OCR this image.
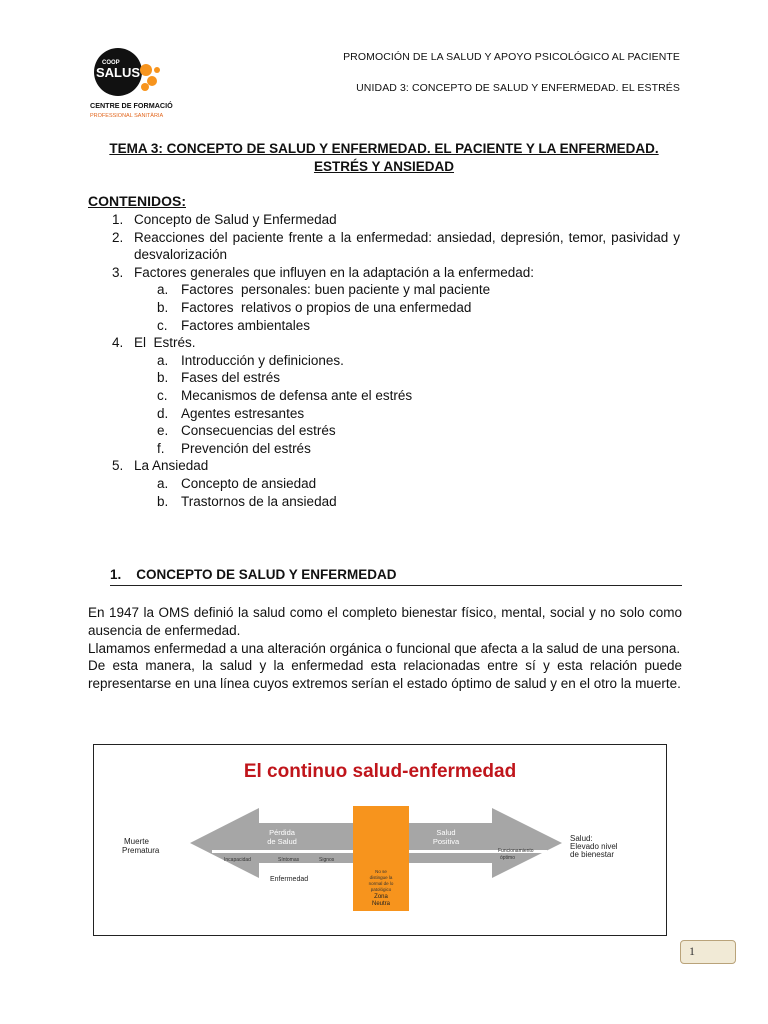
COOP
SALUS
CENTRE DE FORMACIÓ
PROFESSIONAL SANITÀRIA
PROMOCIÓN DE LA SALUD Y APOYO PSICOLÓGICO AL PACIENTE
UNIDAD 3: CONCEPTO DE SALUD Y ENFERMEDAD. EL ESTRÉS
TEMA 3: CONCEPTO DE SALUD Y ENFERMEDAD. EL PACIENTE Y LA ENFERMEDAD.
ESTRÉS Y ANSIEDAD
CONTENIDOS:
1. Concepto de Salud y Enfermedad
2. Reacciones del paciente frente a la enfermedad: ansiedad, depresión, temor, pasividad y desvalorización
3. Factores generales que influyen en la adaptación a la enfermedad:
a. Factores  personales: buen paciente y mal paciente
b. Factores  relativos o propios de una enfermedad
c. Factores ambientales
4. El  Estrés.
a. Introducción y definiciones.
b. Fases del estrés
c. Mecanismos de defensa ante el estrés
d. Agentes estresantes
e. Consecuencias del estrés
f.	Prevención del estrés
5. La Ansiedad
a. Concepto de ansiedad
b. Trastornos de la ansiedad
1.    CONCEPTO DE SALUD Y ENFERMEDAD

En 1947 la OMS definió la salud como el completo bienestar físico, mental, social y no solo como ausencia de enfermedad.

Llamamos enfermedad a una alteración orgánica o funcional que afecta a la salud de una persona.

De esta manera, la salud y la enfermedad esta relacionadas entre sí y esta relación puede representarse en una línea cuyos extremos serían el estado óptimo de salud y en el otro la muerte.

El continuo salud-enfermedad
Muerte
Prematura
Salud:
Elevado nivel
de bienestar
Pérdida
de Salud
Salud
Positiva
Incapacidad	Síntomas	Signos
Enfermedad
Funcionamiento
óptimo
No se
distingue la
normal de lo
patológico
Zona
Neutra
1
